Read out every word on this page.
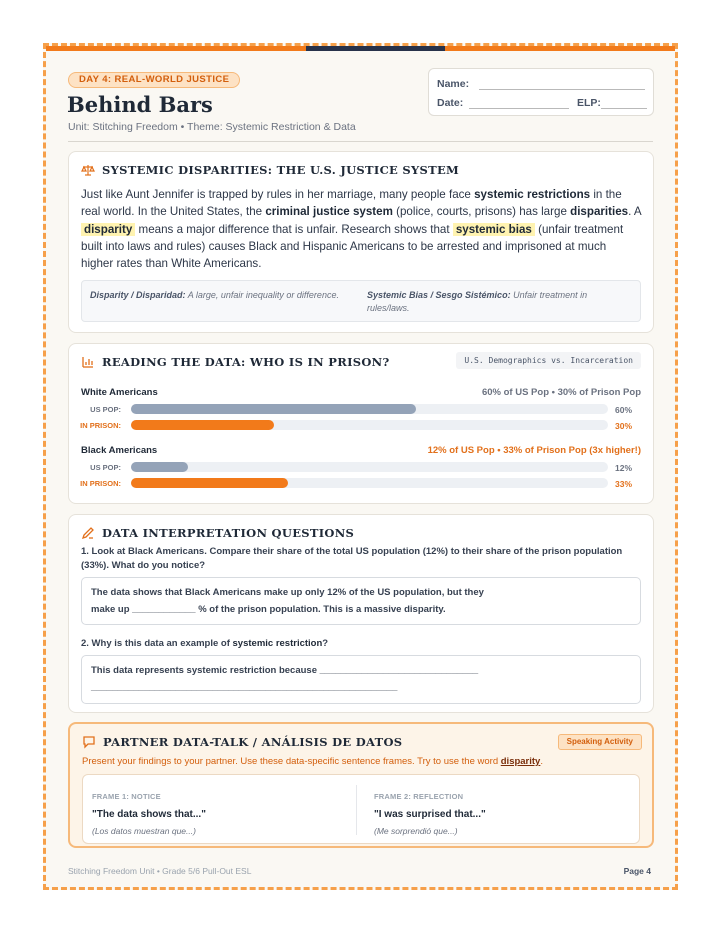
DAY 4: REAL-WORLD JUSTICE
Behind Bars
Unit: Stitching Freedom • Theme: Systemic Restriction & Data
Name:
Date:	ELP:
SYSTEMIC DISPARITIES: THE U.S. JUSTICE SYSTEM
Just like Aunt Jennifer is trapped by rules in her marriage, many people face systemic restrictions in the real world. In the United States, the criminal justice system (police, courts, prisons) has large disparities. A disparity means a major difference that is unfair. Research shows that systemic bias (unfair treatment built into laws and rules) causes Black and Hispanic Americans to be arrested and imprisoned at much higher rates than White Americans.
Disparity / Disparidad: A large, unfair inequality or difference.	Systemic Bias / Sesgo Sistémico: Unfair treatment in rules/laws.
READING THE DATA: WHO IS IN PRISON?	U.S. Demographics vs. Incarceration
White Americans	60% of US Pop • 30% of Prison Pop
US POP:	60%
IN PRISON:	30%
Black Americans	12% of US Pop • 33% of Prison Pop (3x higher!)
US POP:	12%
IN PRISON:	33%
DATA INTERPRETATION QUESTIONS
1. Look at Black Americans. Compare their share of the total US population (12%) to their share of the prison population (33%). What do you notice?
The data shows that Black Americans make up only 12% of the US population, but they
make up ____________ % of the prison population. This is a massive disparity.
2. Why is this data an example of systemic restriction?
This data represents systemic restriction because ______________________________
__________________________________________________________
PARTNER DATA-TALK / ANÁLISIS DE DATOS	Speaking Activity
Present your findings to your partner. Use these data-specific sentence frames. Try to use the word disparity.
FRAME 1: NOTICE
"The data shows that..."
(Los datos muestran que...)
FRAME 2: REFLECTION
"I was surprised that..."
(Me sorprendió que...)
Stitching Freedom Unit • Grade 5/6 Pull-Out ESL	Page 4
